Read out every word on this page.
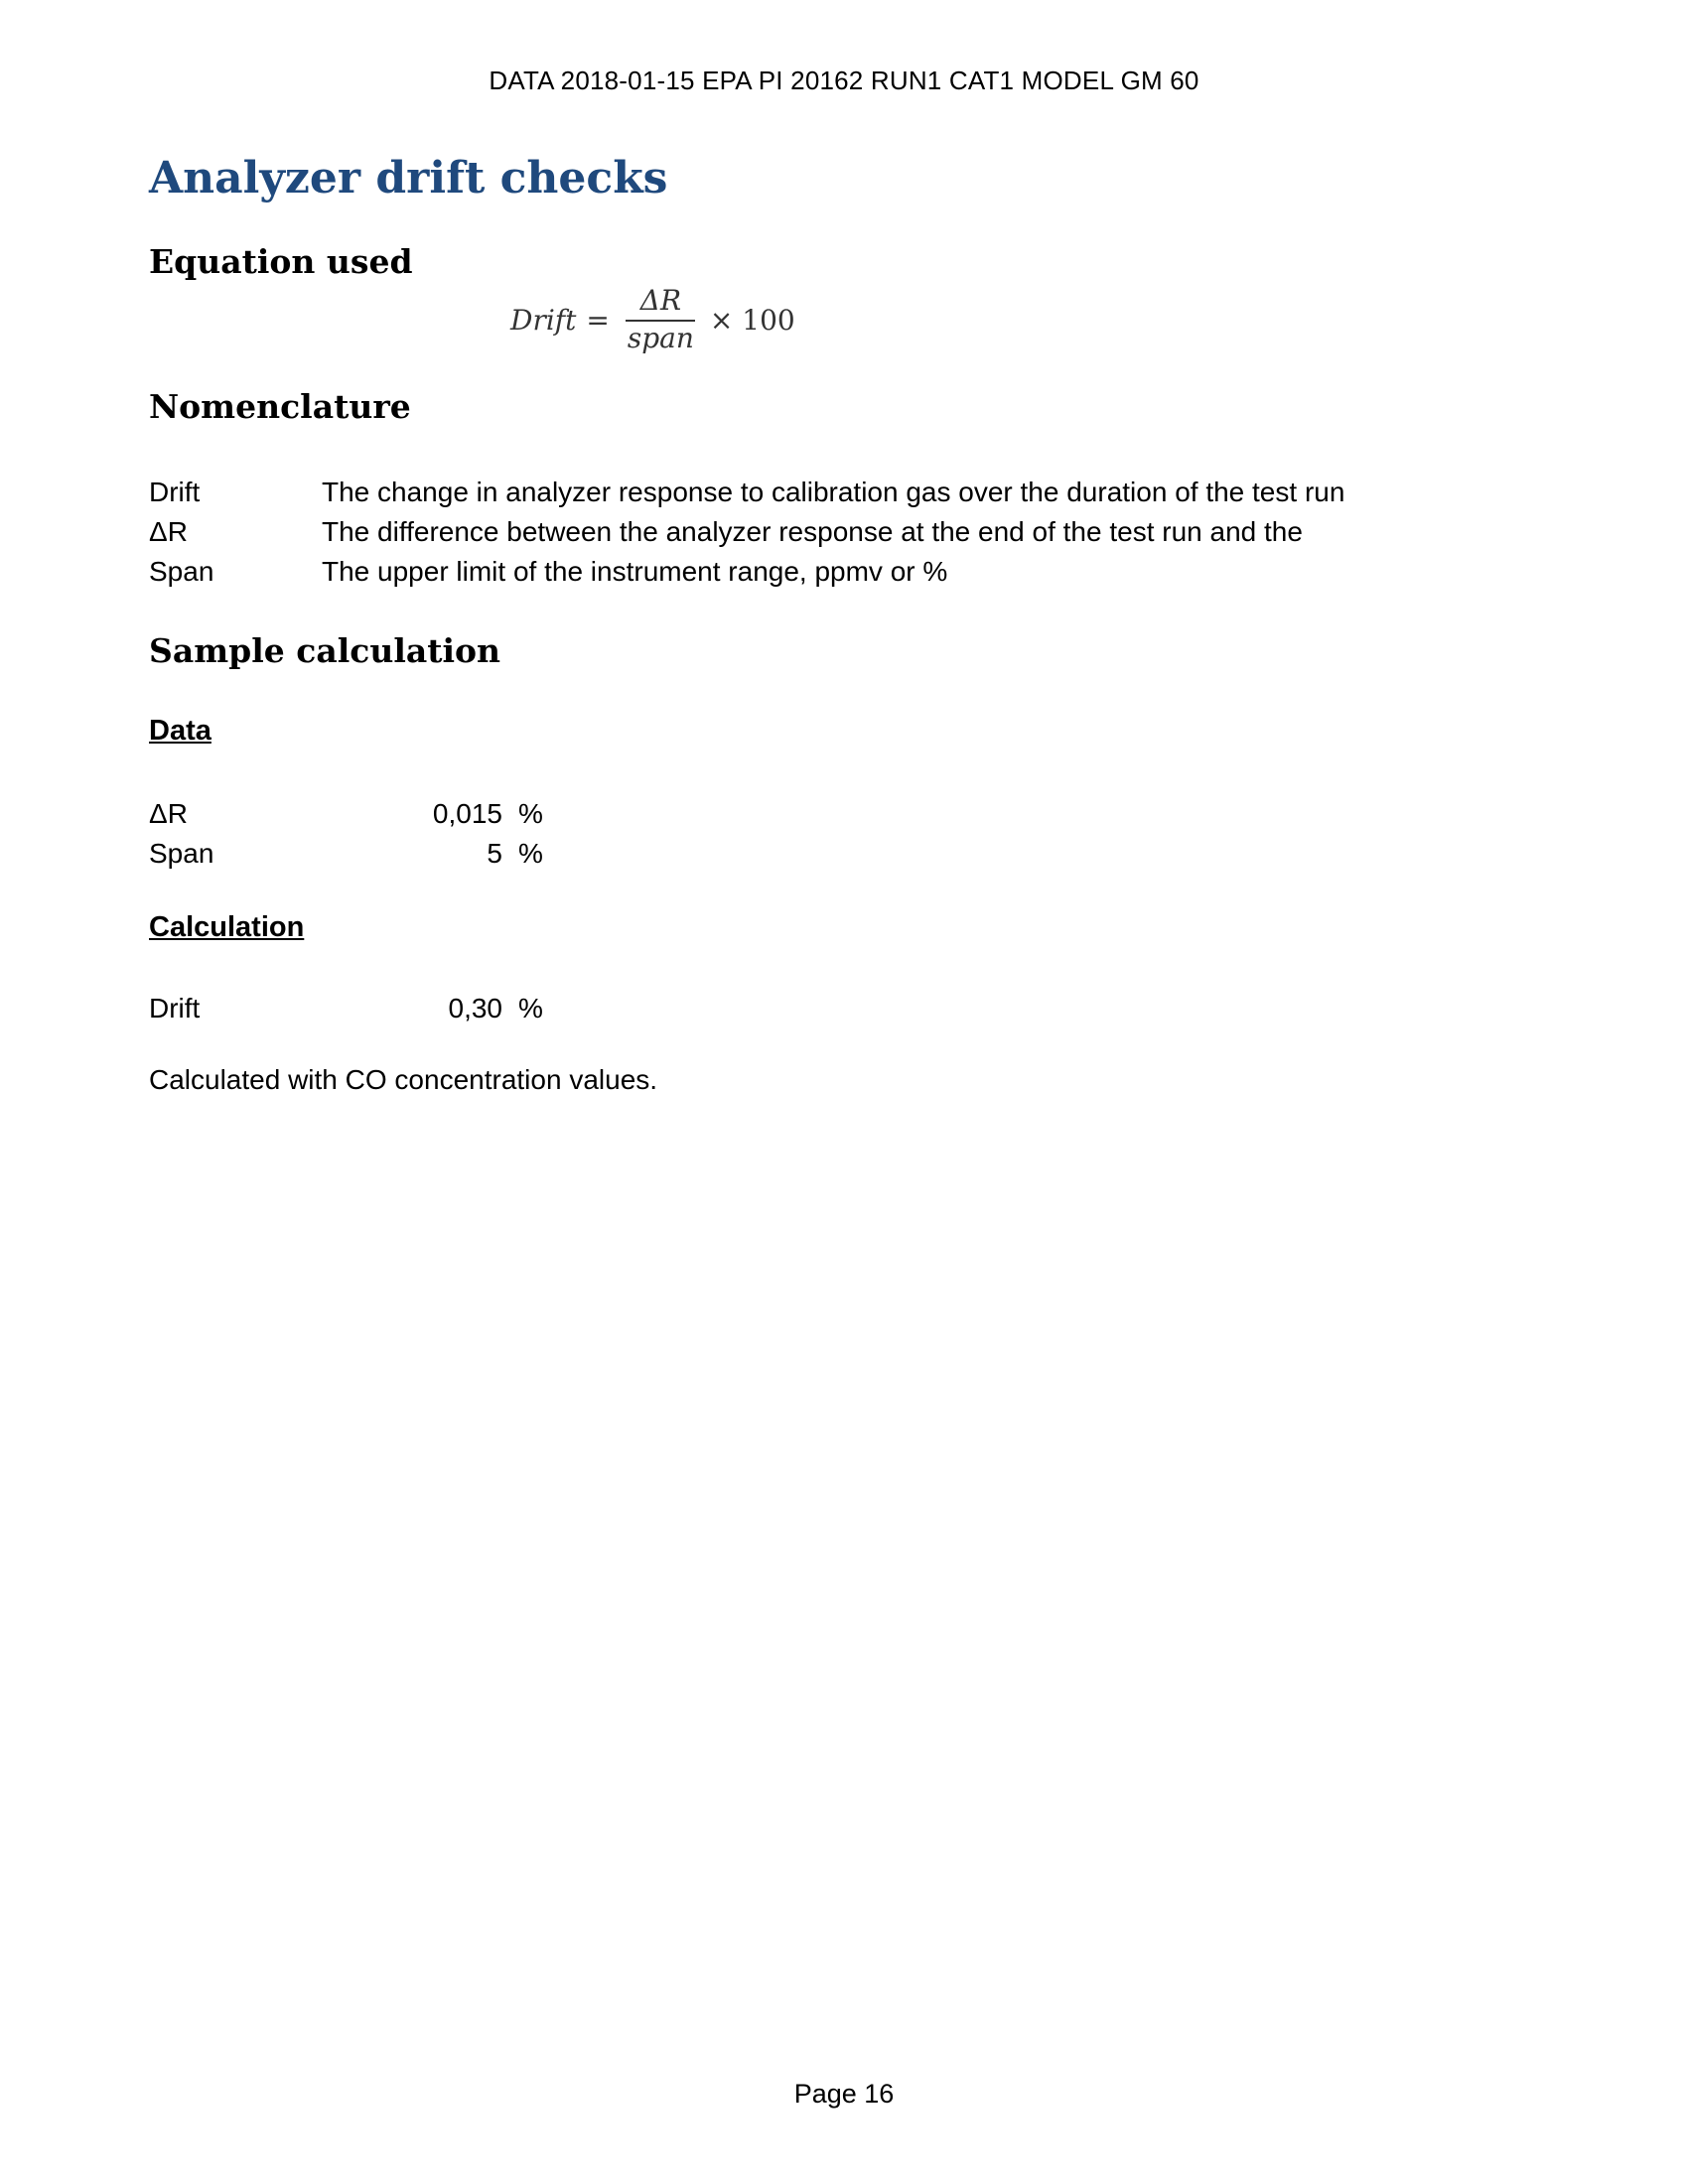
DATA 2018-01-15 EPA PI 20162 RUN1 CAT1 MODEL GM 60
Analyzer drift checks
Equation used
Drift = $\frac{\Delta R}{\text{span}} \times 100$
Nomenclature
Drift	The change in analyzer response to calibration gas over the duration of the test run
ΔR	The difference between the analyzer response at the end of the test run and the
Span	The upper limit of the instrument range, ppmv or %
Sample calculation
Data
ΔR	0,015 %
Span	5 %
Calculation
Drift	0,30 %
Calculated with CO concentration values.
Page 16
